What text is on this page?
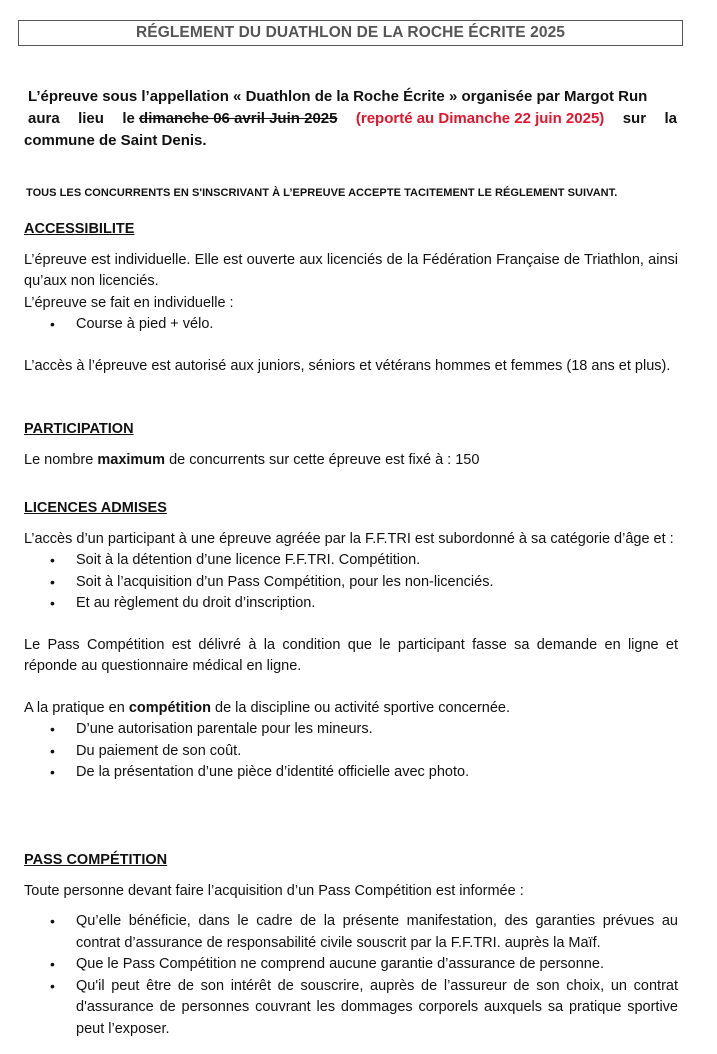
RÉGLEMENT DU DUATHLON DE LA ROCHE ÉCRITE 2025
L’épreuve sous l’appellation « Duathlon de la Roche Écrite » organisée par Margot Run
aura lieu le dimanche 06 avril Juin 2025 (reporté au Dimanche 22 juin 2025) sur la
commune de Saint Denis.
TOUS LES CONCURRENTS EN S'INSCRIVANT À L’EPREUVE ACCEPTE TACITEMENT LE RÉGLEMENT SUIVANT.
ACCESSIBILITE
L’épreuve est individuelle. Elle est ouverte aux licenciés de la Fédération Française de Triathlon, ainsi qu’aux non licenciés.
L’épreuve se fait en individuelle :
• Course à pied + vélo.
L’accès à l’épreuve est autorisé aux juniors, séniors et vétérans hommes et femmes (18 ans et plus).
PARTICIPATION
Le nombre maximum de concurrents sur cette épreuve est fixé à : 150
LICENCES ADMISES
L’accès d’un participant à une épreuve agréée par la F.F.TRI est subordonné à sa catégorie d’âge et :
• Soit à la détention d’une licence F.F.TRI. Compétition.
• Soit à l’acquisition d’un Pass Compétition, pour les non-licenciés.
• Et au règlement du droit d’inscription.
Le Pass Compétition est délivré à la condition que le participant fasse sa demande en ligne et réponde au questionnaire médical en ligne.
A la pratique en compétition de la discipline ou activité sportive concernée.
• D’une autorisation parentale pour les mineurs.
• Du paiement de son coût.
• De la présentation d’une pièce d’identité officielle avec photo.
PASS COMPÉTITION
Toute personne devant faire l’acquisition d’un Pass Compétition est informée :
• Qu’elle bénéficie, dans le cadre de la présente manifestation, des garanties prévues au contrat d’assurance de responsabilité civile souscrit par la F.F.TRI. auprès la Maïf.
• Que le Pass Compétition ne comprend aucune garantie d’assurance de personne.
• Qu'il peut être de son intérêt de souscrire, auprès de l’assureur de son choix, un contrat d'assurance de personnes couvrant les dommages corporels auxquels sa pratique sportive peut l’exposer.
